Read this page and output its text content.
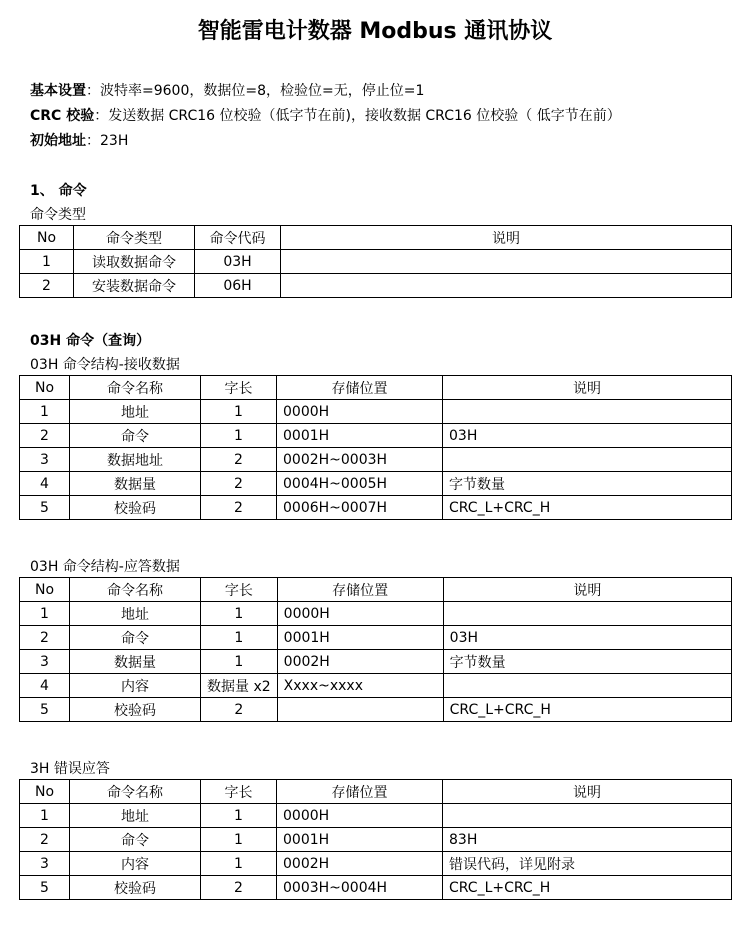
智能雷电计数器 Modbus 通讯协议
基本设置：波特率=9600，数据位=8，检验位=无，停止位=1
CRC 校验：发送数据 CRC16 位校验（低字节在前)，接收数据 CRC16 位校验（ 低字节在前）
初始地址：23H
1、 命令
命令类型
No	命令类型	命令代码	说明
1	读取数据命令	03H	
2	安装数据命令	06H	
03H 命令（查询）
03H 命令结构-接收数据
No	命令名称	字长	存储位置	说明
1	地址	1	0000H	
2	命令	1	0001H	03H
3	数据地址	2	0002H~0003H	
4	数据量	2	0004H~0005H	字节数量
5	校验码	2	0006H~0007H	CRC_L+CRC_H
03H 命令结构-应答数据
No	命令名称	字长	存储位置	说明
1	地址	1	0000H	
2	命令	1	0001H	03H
3	数据量	1	0002H	字节数量
4	内容	数据量 x2	Xxxx~xxxx	
5	校验码	2		CRC_L+CRC_H
3H 错误应答
No	命令名称	字长	存储位置	说明
1	地址	1	0000H	
2	命令	1	0001H	83H
3	内容	1	0002H	错误代码，详见附录
5	校验码	2	0003H~0004H	CRC_L+CRC_H
